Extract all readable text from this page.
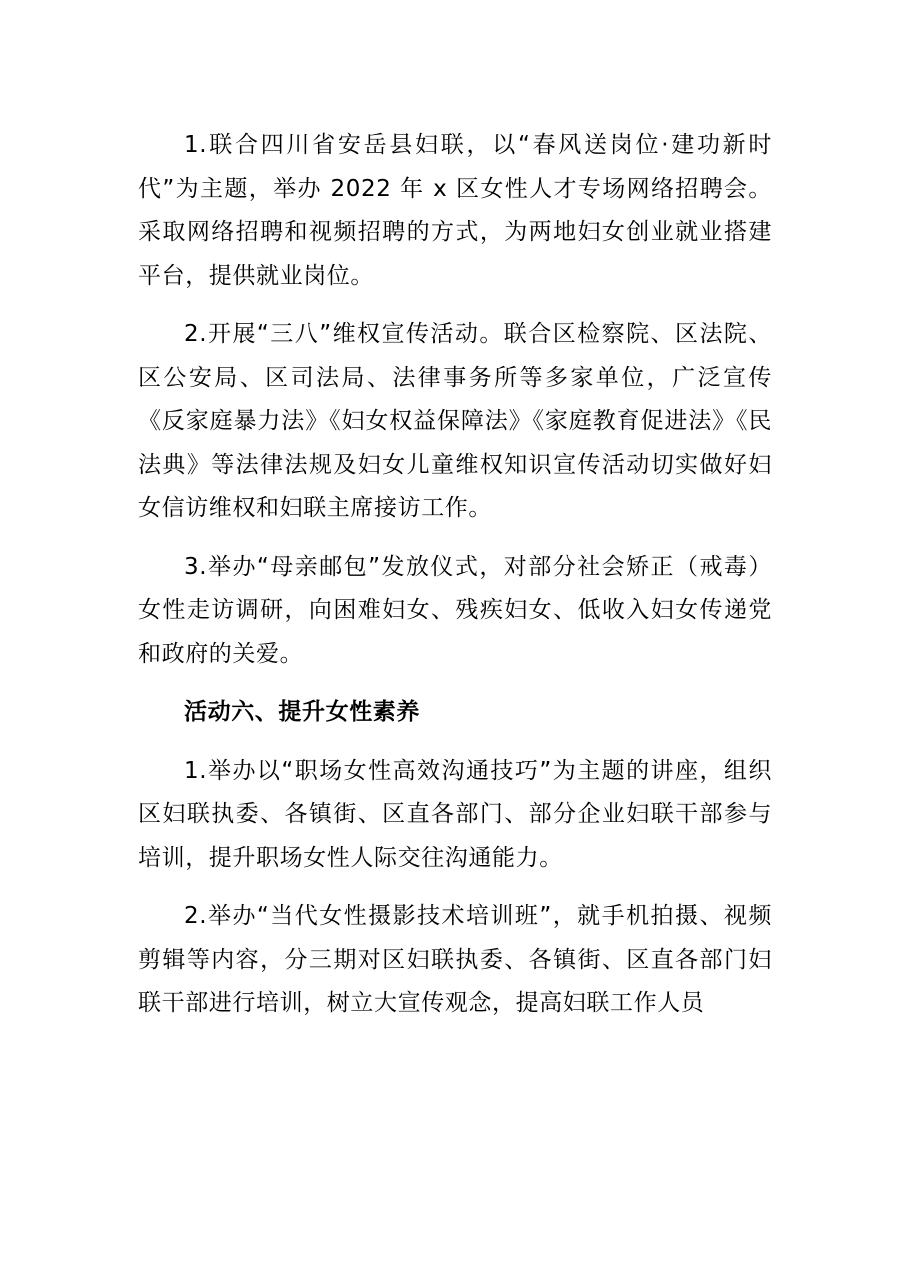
1.联合四川省安岳县妇联，以“春风送岗位·建功新时代”为主题，举办 2022 年 x 区女性人才专场网络招聘会。采取网络招聘和视频招聘的方式，为两地妇女创业就业搭建平台，提供就业岗位。

2.开展“三八”维权宣传活动。联合区检察院、区法院、区公安局、区司法局、法律事务所等多家单位，广泛宣传《反家庭暴力法》《妇女权益保障法》《家庭教育促进法》《民法典》等法律法规及妇女儿童维权知识宣传活动切实做好妇女信访维权和妇联主席接访工作。

3.举办“母亲邮包”发放仪式，对部分社会矫正（戒毒）女性走访调研，向困难妇女、残疾妇女、低收入妇女传递党和政府的关爱。

活动六、提升女性素养

1.举办以“职场女性高效沟通技巧”为主题的讲座，组织区妇联执委、各镇街、区直各部门、部分企业妇联干部参与培训，提升职场女性人际交往沟通能力。

2.举办“当代女性摄影技术培训班”，就手机拍摄、视频剪辑等内容，分三期对区妇联执委、各镇街、区直各部门妇联干部进行培训，树立大宣传观念，提高妇联工作人员
